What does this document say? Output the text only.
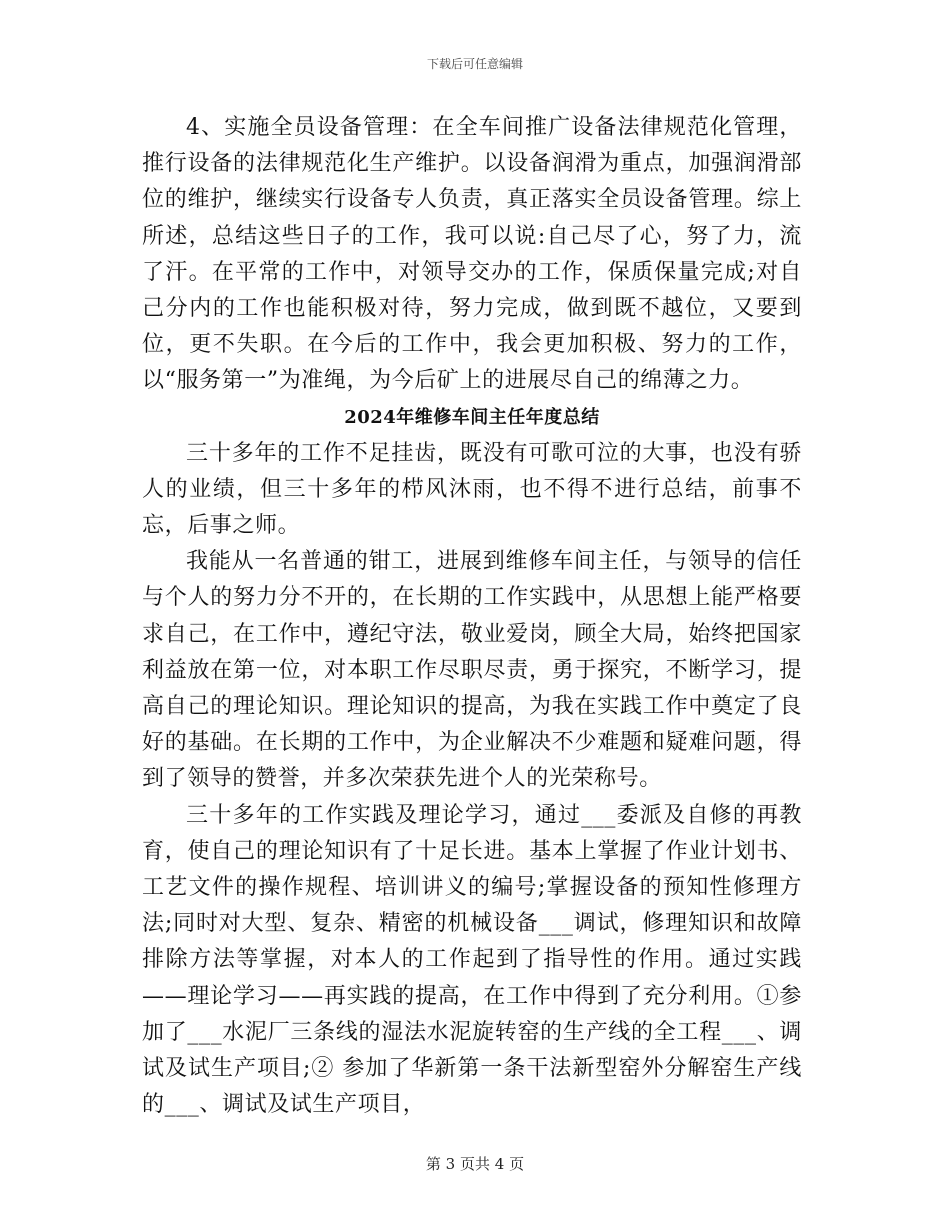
下载后可任意编辑

4、实施全员设备管理：在全车间推广设备法律规范化管理，推行设备的法律规范化生产维护。以设备润滑为重点，加强润滑部位的维护，继续实行设备专人负责，真正落实全员设备管理。综上所述，总结这些日子的工作，我可以说:自己尽了心，努了力，流了汗。在平常的工作中，对领导交办的工作，保质保量完成;对自己分内的工作也能积极对待，努力完成，做到既不越位，又要到位，更不失职。在今后的工作中，我会更加积极、努力的工作，以“服务第一”为准绳，为今后矿上的进展尽自己的绵薄之力。

2024年维修车间主任年度总结

三十多年的工作不足挂齿，既没有可歌可泣的大事，也没有骄人的业绩，但三十多年的栉风沐雨，也不得不进行总结，前事不忘，后事之师。

我能从一名普通的钳工，进展到维修车间主任，与领导的信任与个人的努力分不开的，在长期的工作实践中，从思想上能严格要求自己，在工作中，遵纪守法，敬业爱岗，顾全大局，始终把国家利益放在第一位，对本职工作尽职尽责，勇于探究，不断学习，提高自己的理论知识。理论知识的提高，为我在实践工作中奠定了良好的基础。在长期的工作中，为企业解决不少难题和疑难问题，得到了领导的赞誉，并多次荣获先进个人的光荣称号。

三十多年的工作实践及理论学习，通过___委派及自修的再教育，使自己的理论知识有了十足长进。基本上掌握了作业计划书、工艺文件的操作规程、培训讲义的编号;掌握设备的预知性修理方法;同时对大型、复杂、精密的机械设备___调试，修理知识和故障排除方法等掌握，对本人的工作起到了指导性的作用。通过实践——理论学习——再实践的提高，在工作中得到了充分利用。①参加了___水泥厂三条线的湿法水泥旋转窑的生产线的全工程___、调试及试生产项目;② 参加了华新第一条干法新型窑外分解窑生产线的___、调试及试生产项目，

第 3 页共 4 页
